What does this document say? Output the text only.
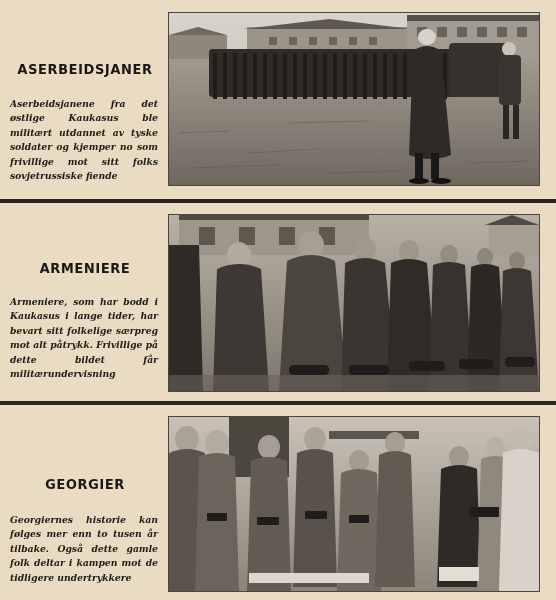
ASERBEIDSJANER
Aserbeidsjanene fra det østlige Kaukasus ble militært utdannet av tyske soldater og kjemper no som frivillige mot sitt folks sovjetrussiske fiende
ARMENIERE
Armeniere, som har bodd i Kaukasus i lange tider, har bevart sitt folkelige særpreg mot alt påtrykk. Frivillige på dette bildet får militærundervisning
GEORGIER
Georgiernes historie kan følges mer enn to tusen år tilbake. Også dette gamle folk deltar i kampen mot de tidligere undertrykkere
